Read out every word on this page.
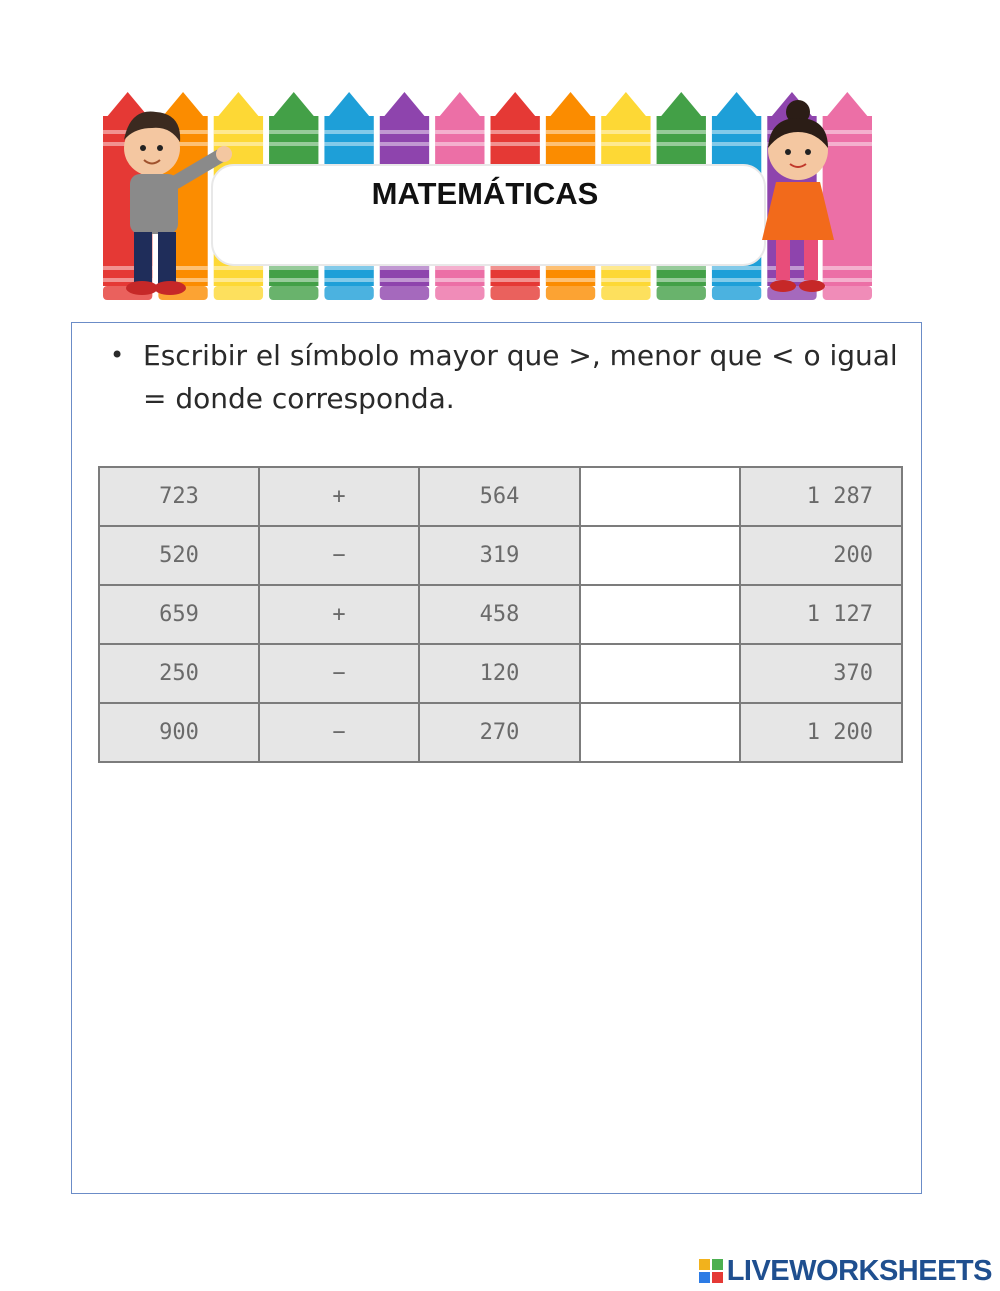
MATEMÁTICAS
• Escribir el símbolo mayor que >, menor que < o igual = donde corresponda.
723	+	564		1 287
520	−	319		200
659	+	458		1 127
250	−	120		370
900	−	270		1 200
LIVEWORKSHEETS
